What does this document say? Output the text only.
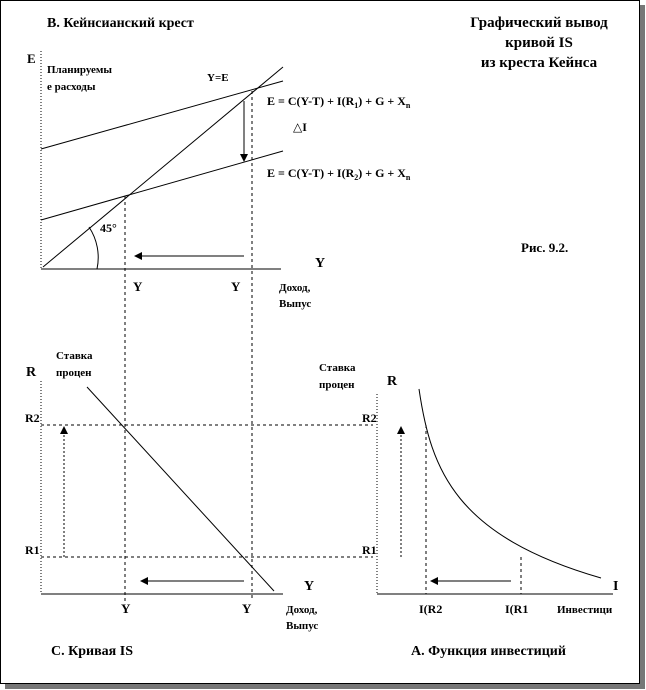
В. Кейнсианский крест
E
Планируемы
е расходы
Y=E
$E = C(Y-T) + I(R_1) + G + X_n$
$E = C(Y-T) + I(R_2) + G + X_n$
△I
45°
Y
Y	Y	Доход,
Выпус
Графический вывод
кривой IS
из креста Кейнса
Рис. 9.2.
R
Ставка
процен
R2
R1
Y
Y	Y	Доход,
Выпус
С. Кривая IS
Ставка
процен R
R2
R1
I
I(R2	I(R1	Инвестици
А. Функция инвестиций
